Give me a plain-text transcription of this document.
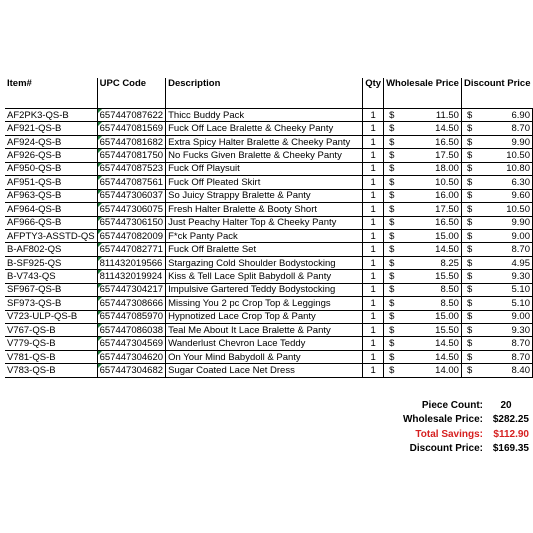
Item#	UPC Code	Description	Qty	Wholesale Price	Discount Price
AF2PK3-QS-B	657447087622	Thicc Buddy Pack	1	$ 11.50	$ 6.90

AF921-QS-B	657447081569	Fuck Off Lace Bralette & Cheeky Panty	1	$ 14.50	$ 8.70

AF924-QS-B	657447081682	Extra Spicy Halter Bralette & Cheeky Panty	1	$ 16.50	$ 9.90

AF926-QS-B	657447081750	No Fucks Given Bralette & Cheeky Panty	1	$ 17.50	$ 10.50

AF950-QS-B	657447087523	Fuck Off Playsuit	1	$ 18.00	$ 10.80

AF951-QS-B	657447087561	Fuck Off Pleated Skirt	1	$ 10.50	$ 6.30

AF963-QS-B	657447306037	So Juicy Strappy Bralette & Panty	1	$ 16.00	$ 9.60

AF964-QS-B	657447306075	Fresh Halter Bralette & Booty Short	1	$ 17.50	$ 10.50

AF966-QS-B	657447306150	Just Peachy Halter Top & Cheeky Panty	1	$ 16.50	$ 9.90

AFPTY3-ASSTD-QS	657447082009	F*ck Panty Pack	1	$ 15.00	$ 9.00

B-AF802-QS	657447082771	Fuck Off Bralette Set	1	$ 14.50	$ 8.70

B-SF925-QS	811432019566	Stargazing Cold Shoulder Bodystocking	1	$ 8.25	$ 4.95

B-V743-QS	811432019924	Kiss & Tell Lace Split Babydoll & Panty	1	$ 15.50	$ 9.30

SF967-QS-B	657447304217	Impulsive Gartered Teddy Bodystocking	1	$ 8.50	$ 5.10

SF973-QS-B	657447308666	Missing You 2 pc Crop Top & Leggings	1	$ 8.50	$ 5.10

V723-ULP-QS-B	657447085970	Hypnotized Lace Crop Top & Panty	1	$ 15.00	$ 9.00

V767-QS-B	657447086038	Teal Me About It Lace Bralette & Panty	1	$ 15.50	$ 9.30

V779-QS-B	657447304569	Wanderlust Chevron Lace Teddy	1	$ 14.50	$ 8.70

V781-QS-B	657447304620	On Your Mind Babydoll & Panty	1	$ 14.50	$ 8.70

V783-QS-B	657447304682	Sugar Coated Lace Net Dress	1	$ 14.00	$ 8.40
Piece Count:	20
Wholesale Price: $282.25
Total Savings:	$112.90
Discount Price: $169.35
